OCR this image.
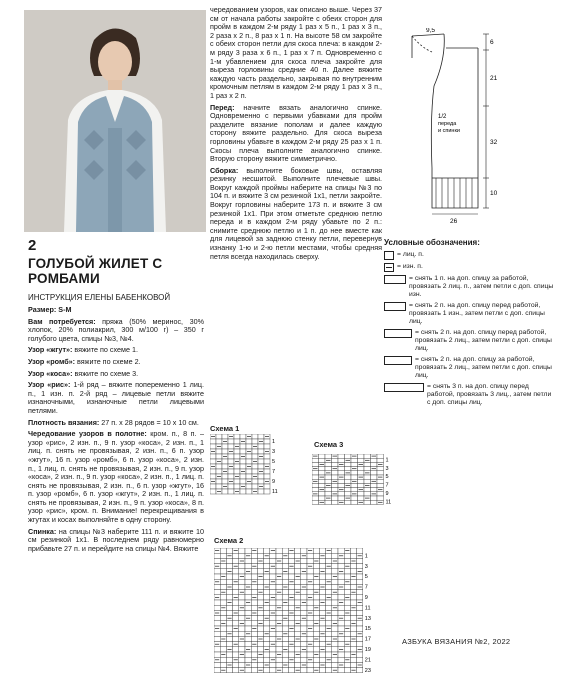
2
ГОЛУБОЙ ЖИЛЕТ С РОМБАМИ
ИНСТРУКЦИЯ ЕЛЕНЫ БАБЕНКОВОЙ

Размер: S-M

Вам потребуется: пряжа (50% меринос, 30% хлопок, 20% полиакрил, 300 м/100 г) – 350 г голубого цвета, спицы №3, №4.

Узор «жгут»: вяжите по схеме 1.

Узор «ромб»: вяжите по схеме 2.

Узор «коса»: вяжите по схеме 3.

Узор «рис»: 1-й ряд – вяжите попеременно 1 лиц. п., 1 изн. п. 2-й ряд – лицевые петли вяжите изнаночными, изнаночные петли лицевыми петлями.

Плотность вязания: 27 п. х 28 рядов = 10 х 10 см.

Чередование узоров в полотне: кром. п., 8 п. – узор «рис», 2 изн. п., 9 п. узор «коса», 2 изн. п., 1 лиц. п. снять не провязывая, 2 изн. п., 6 п. узор «жгут», 16 п. узор «ромб», 6 п. узор «коса», 2 изн. п., 1 лиц. п. снять не провязывая, 2 изн. п., 9 п. узор «коса», 2 изн. п., 9 п. узор «коса», 2 изн. п., 1 лиц. п. снять не провязывая, 2 изн. п., 6 п. узор «жгут», 16 п. узор «ромб», 6 п. узор «жгут», 2 изн. п., 1 лиц. п. снять не провязывая, 2 изн. п., 9 п. узор «коса», 8 п. узор «рис», кром. п. Внимание! перекрещивания в жгутах и косах выполняйте в одну сторону.

Спинка: на спицы №3 наберите 111 п. и вяжите 10 см резинкой 1х1. В последнем ряду равномерно прибавьте 27 п. и перейдите на спицы №4. Вяжите

чередованием узоров, как описано выше. Через 37 см от начала работы закройте с обеих сторон для пройм в каждом 2-м ряду 1 раз х 5 п., 1 раз х 3 п., 2 раза х 2 п., 8 раз х 1 п. На высоте 58 см закройте с обеих сторон петли для скоса плеча: в каждом 2-м ряду 3 раза х 6 п., 1 раз х 7 п. Одновременно с 1-м убавлением для скоса плеча закройте для выреза горловины средние 40 п. Далее вяжите каждую часть раздельно, закрывая по внутренним кромочным петлям в каждом 2-м ряду 1 раз х 3 п., 1 раз х 2 п.

Перед: начните вязать аналогично спинке. Одновременно с первыми убавками для пройм разделите вязание пополам и далее каждую сторону вяжите раздельно. Для скоса выреза горловины убавьте в каждом 2-м ряду 25 раз х 1 п. Скосы плеча выполните аналогично спинке. Вторую сторону вяжите симметрично.

Сборка: выполните боковые швы, оставляя резинку несшитой. Выполните плечевые швы. Вокруг каждой проймы наберите на спицы №3 по 104 п. и вяжите 3 см резинкой 1х1, петли закройте. Вокруг горловины наберите 173 п. и вяжите 3 см резинкой 1х1. При этом отметьте среднюю петлю переда и в каждом 2-м ряду убавьте по 2 п.: снимите среднюю петлю и 1 п. до нее вместе как для лицевой за заднюю стенку петли, перевернув изнанку 1-ю и 2-ю петли местами, чтобы средняя петля всегда находилась сверху.

9,5
6
21
32
10
26
1/2
переда
и спинки
Условные обозначения:
= лиц. п.
= изн. п.
= снять 1 п. на доп. спицу за работой, провязать 2 лиц. п., затем петли с доп. спицы изн.
= снять 2 п. на доп. спицу перед работой, провязать 1 изн., затем петли с доп. спицы лиц.
= снять 2 п. на доп. спицу перед работой, провязать 2 лиц., затем петли с доп. спицы лиц.
= снять 2 п. на доп. спицу за работой, провязать 2 лиц., затем петли с доп. спицы лиц.
= снять 3 п. на доп. спицу перед работой, провязать 3 лиц., затем петли с доп. спицы лиц.
Схема 1
11
9
7
5
3
1	Схема 3
11
9
7
5
3
1
Схема 2
23
21
19
17
15
13
11
9
7
5
3
1
АЗБУКА ВЯЗАНИЯ №2, 2022
